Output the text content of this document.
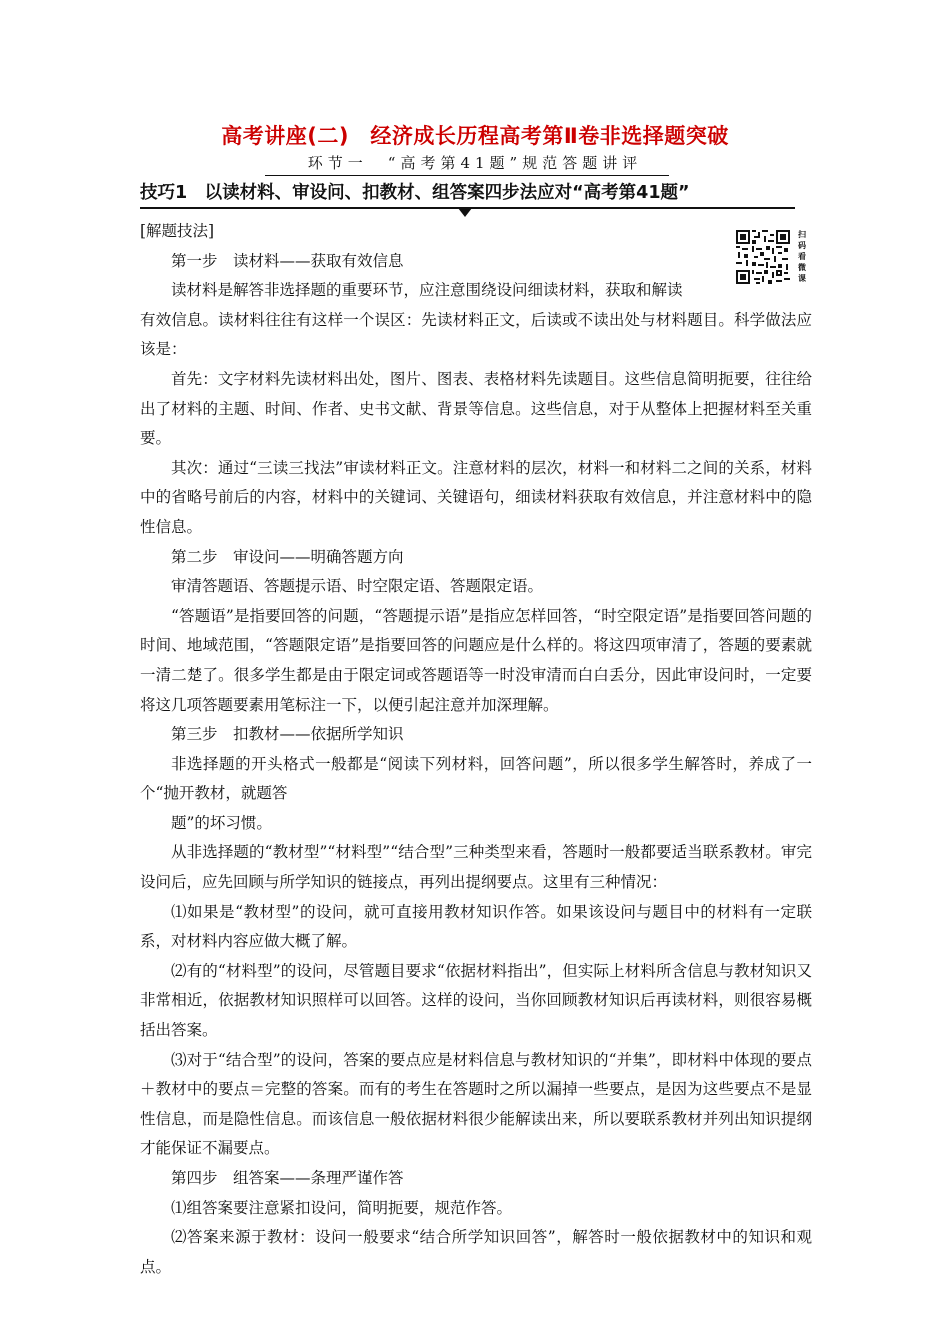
高考讲座(二)　经济成长历程高考第Ⅱ卷非选择题突破
环节一　“高考第41题”规范答题讲评
技巧1　以读材料、审设问、扣教材、组答案四步法应对“高考第41题”
扫
码
看
微
课

[解题技法]

第一步　读材料——获取有效信息

读材料是解答非选择题的重要环节，应注意围绕设问细读材料，获取和解读

有效信息。读材料往往有这样一个误区：先读材料正文，后读或不读出处与材料题目。科学做法应该是：

首先：文字材料先读材料出处，图片、图表、表格材料先读题目。这些信息简明扼要，往往给出了材料的主题、时间、作者、史书文献、背景等信息。这些信息，对于从整体上把握材料至关重要。

其次：通过“三读三找法”审读材料正文。注意材料的层次，材料一和材料二之间的关系，材料中的省略号前后的内容，材料中的关键词、关键语句，细读材料获取有效信息，并注意材料中的隐性信息。

第二步　审设问——明确答题方向

审清答题语、答题提示语、时空限定语、答题限定语。

“答题语”是指要回答的问题，“答题提示语”是指应怎样回答，“时空限定语”是指要回答问题的时间、地域范围，“答题限定语”是指要回答的问题应是什么样的。将这四项审清了，答题的要素就一清二楚了。很多学生都是由于限定词或答题语等一时没审清而白白丢分，因此审设问时，一定要将这几项答题要素用笔标注一下，以便引起注意并加深理解。

第三步　扣教材——依据所学知识

非选择题的开头格式一般都是“阅读下列材料，回答问题”，所以很多学生解答时，养成了一个“抛开教材，就题答

题”的坏习惯。

从非选择题的“教材型”“材料型”“结合型”三种类型来看，答题时一般都要适当联系教材。审完设问后，应先回顾与所学知识的链接点，再列出提纲要点。这里有三种情况：

⑴如果是“教材型”的设问，就可直接用教材知识作答。如果该设问与题目中的材料有一定联系，对材料内容应做大概了解。

⑵有的“材料型”的设问，尽管题目要求“依据材料指出”，但实际上材料所含信息与教材知识又非常相近，依据教材知识照样可以回答。这样的设问，当你回顾教材知识后再读材料，则很容易概括出答案。

⑶对于“结合型”的设问，答案的要点应是材料信息与教材知识的“并集”，即材料中体现的要点＋教材中的要点＝完整的答案。而有的考生在答题时之所以漏掉一些要点，是因为这些要点不是显性信息，而是隐性信息。而该信息一般依据材料很少能解读出来，所以要联系教材并列出知识提纲才能保证不漏要点。

第四步　组答案——条理严谨作答

⑴组答案要注意紧扣设问，简明扼要，规范作答。

⑵答案来源于教材：设问一般要求“结合所学知识回答”，解答时一般依据教材中的知识和观点。
